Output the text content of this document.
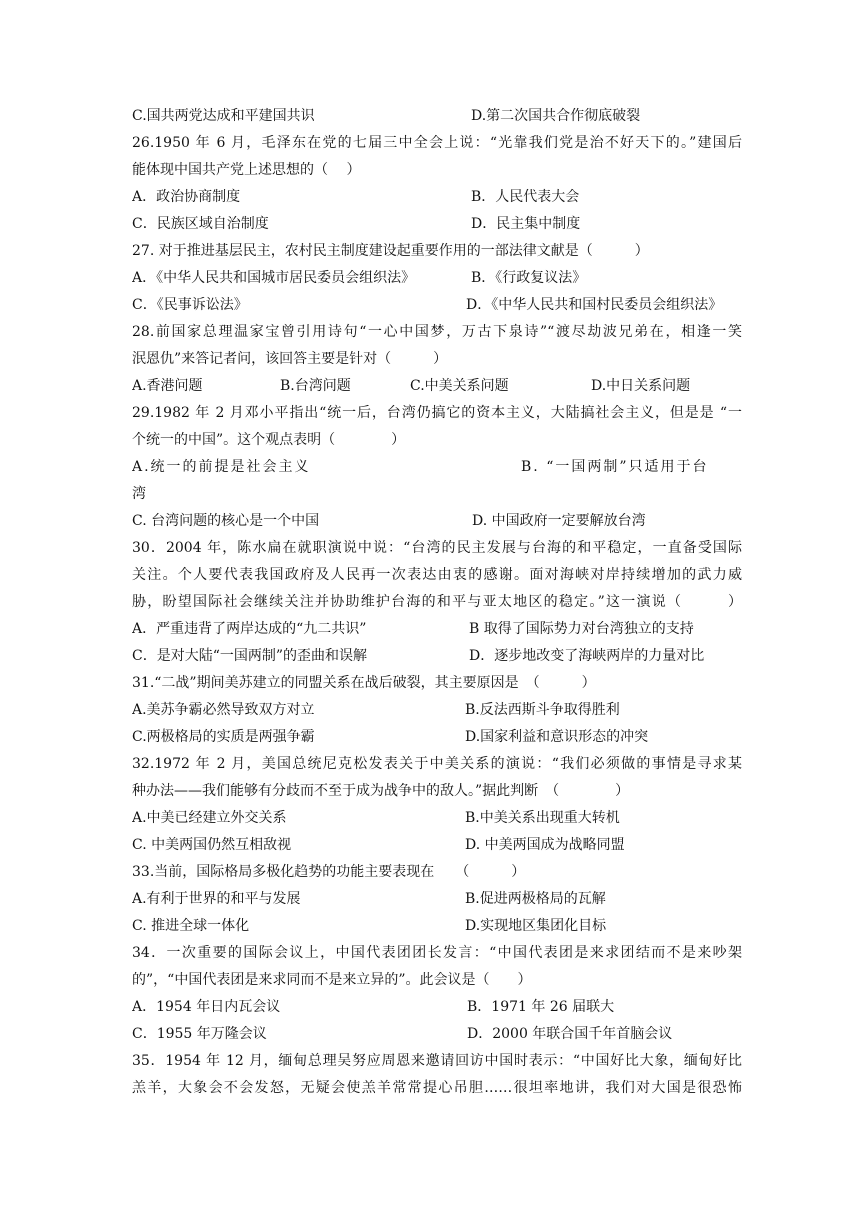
C.国共两党达成和平建国共识	D.第二次国共合作彻底破裂
26.1950 年 6 月，毛泽东在党的七届三中全会上说：“光靠我们党是治不好天下的。”建国后
能体现中国共产党上述思想的（　 ）
A．政治协商制度	B．人民代表大会
C．民族区域自治制度	D．民主集中制度
27. 对于推进基层民主，农村民主制度建设起重要作用的一部法律文献是（　　　）
A．《中华人民共和国城市居民委员会组织法》	B．《行政复议法》
C．《民事诉讼法》	D．《中华人民共和国村民委员会组织法》
28.前国家总理温家宝曾引用诗句“一心中国梦，万古下泉诗”“渡尽劫波兄弟在，相逢一笑
泯恩仇”来答记者问，该回答主要是针对（　　　）
A.香港问题	B.台湾问题	C.中美关系问题	D.中日关系问题
29.1982 年 2 月邓小平指出“统一后，台湾仍搞它的资本主义，大陆搞社会主义，但是是 “一
个统一的中国”。这个观点表明（　　　　）
A.统一的前提是社会主义	B. “一国两制”只适用于台
湾
C. 台湾问题的核心是一个中国	D. 中国政府一定要解放台湾
30．2004 年，陈水扁在就职演说中说：“台湾的民主发展与台海的和平稳定，一直备受国际
关注。个人要代表我国政府及人民再一次表达由衷的感谢。面对海峡对岸持续增加的武力威
胁，盼望国际社会继续关注并协助维护台海的和平与亚太地区的稳定。”这一演说（　　　）
A．严重违背了两岸达成的“九二共识”	B 取得了国际势力对台湾独立的支持
C．是对大陆“一国两制”的歪曲和误解	D．逐步地改变了海峡两岸的力量对比
31.“二战”期间美苏建立的同盟关系在战后破裂，其主要原因是　（　　　）
A.美苏争霸必然导致双方对立	B.反法西斯斗争取得胜利
C.两极格局的实质是两强争霸	D.国家利益和意识形态的冲突
32.1972 年 2 月，美国总统尼克松发表关于中美关系的演说：“我们必须做的事情是寻求某
种办法——我们能够有分歧而不至于成为战争中的敌人。”据此判断　（　　　　）
A.中美已经建立外交关系	B.中美关系出现重大转机
C. 中美两国仍然互相敌视	D. 中美两国成为战略同盟
33.当前，国际格局多极化趋势的功能主要表现在　　（　　　）
A.有利于世界的和平与发展	B.促进两极格局的瓦解
C. 推进全球一体化	D.实现地区集团化目标
34．一次重要的国际会议上，中国代表团团长发言：“中国代表团是来求团结而不是来吵架
的”，“中国代表团是来求同而不是来立异的”。此会议是（　　）
A．1954 年日内瓦会议	B．1971 年 26 届联大
C．1955 年万隆会议	D．2000 年联合国千年首脑会议
35．1954 年 12 月，缅甸总理吴努应周恩来邀请回访中国时表示：“中国好比大象，缅甸好比
羔羊，大象会不会发怒，无疑会使羔羊常常提心吊胆……很坦率地讲，我们对大国是很恐怖
